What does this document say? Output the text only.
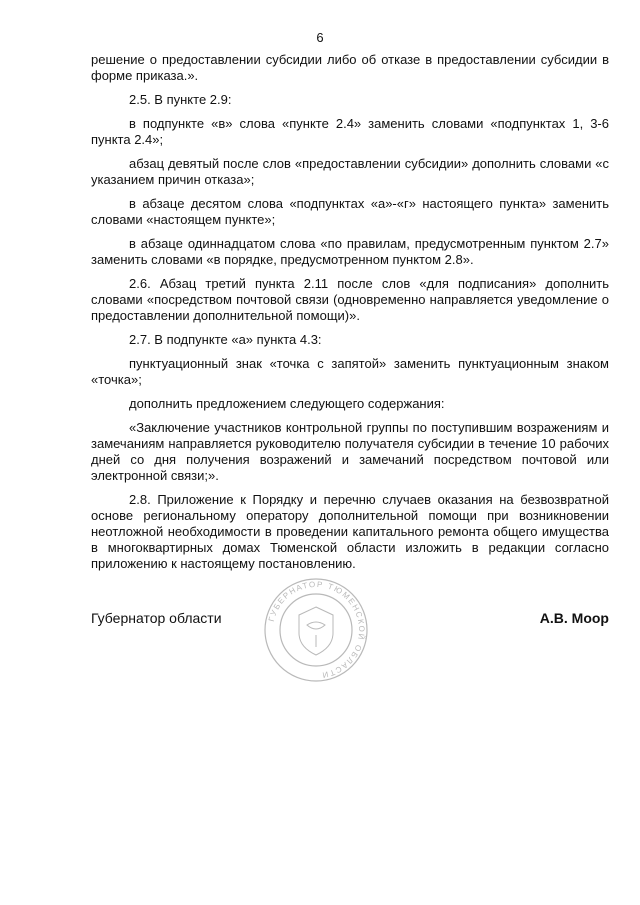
6

решение о предоставлении субсидии либо об отказе в предоставлении субсидии в форме приказа.».

2.5. В пункте 2.9:

в подпункте «в» слова «пункте 2.4» заменить словами «подпунктах 1, 3-6 пункта 2.4»;

абзац девятый после слов «предоставлении субсидии» дополнить словами «с указанием причин отказа»;

в абзаце десятом слова «подпунктах «а»-«г» настоящего пункта» заменить словами «настоящем пункте»;

в абзаце одиннадцатом слова «по правилам, предусмотренным пунктом 2.7» заменить словами «в порядке, предусмотренном пунктом 2.8».

2.6. Абзац третий пункта 2.11 после слов «для подписания» дополнить словами «посредством почтовой связи (одновременно направляется уведомление о предоставлении дополнительной помощи)».

2.7. В подпункте «а» пункта 4.3:

пунктуационный знак «точка с запятой» заменить пунктуационным знаком «точка»;

дополнить предложением следующего содержания:

«Заключение участников контрольной группы по поступившим возражениям и замечаниям направляется руководителю получателя субсидии в течение 10 рабочих дней со дня получения возражений и замечаний посредством почтовой или электронной связи;».

2.8. Приложение к Порядку и перечню случаев оказания на безвозвратной основе региональному оператору дополнительной помощи при возникновении неотложной необходимости в проведении капитального ремонта общего имущества в многоквартирных домах Тюменской области изложить в редакции согласно приложению к настоящему постановлению.

Губернатор области	А.В. Моор
ГУБЕРНАТОР ТЮМЕНСКОЙ ОБЛАСТИ
